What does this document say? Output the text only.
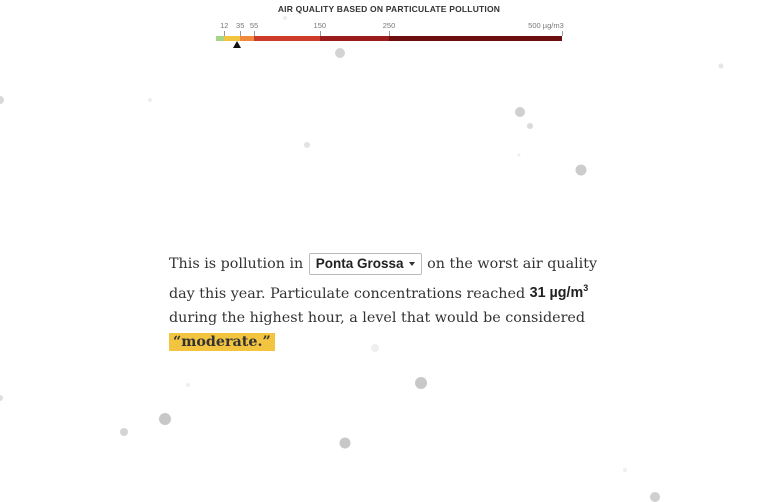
AIR QUALITY BASED ON PARTICULATE POLLUTION
12 35 55	150	250	500 µg/m3
This is pollution in Ponta Grossa on the worst air quality day this year. Particulate concentrations reached 31 $\mu g/m^3$ during the highest hour, a level that would be considered “moderate.”
